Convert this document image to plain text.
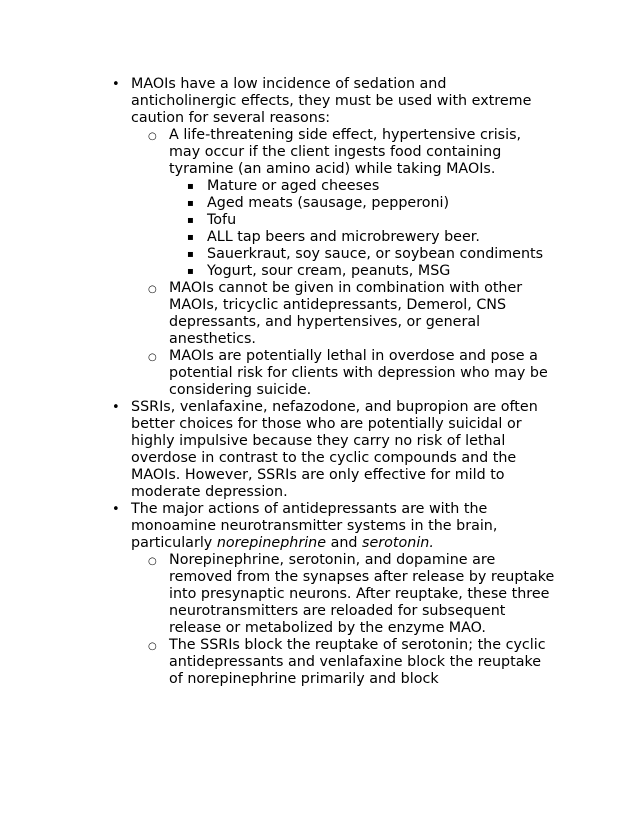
• MAOIs have a low incidence of sedation and anticholinergic effects, they must be used with extreme caution for several reasons:
○ A life-threatening side effect, hypertensive crisis, may occur if the client ingests food containing tyramine (an amino acid) while taking MAOIs.
▪ Mature or aged cheeses
▪ Aged meats (sausage, pepperoni)
▪ Tofu
▪ ALL tap beers and microbrewery beer.
▪ Sauerkraut, soy sauce, or soybean condiments
▪ Yogurt, sour cream, peanuts, MSG
○ MAOIs cannot be given in combination with other MAOIs, tricyclic antidepressants, Demerol, CNS depressants, and hypertensives, or general anesthetics.
○ MAOIs are potentially lethal in overdose and pose a potential risk for clients with depression who may be considering suicide.
• SSRIs, venlafaxine, nefazodone, and bupropion are often better choices for those who are potentially suicidal or highly impulsive because they carry no risk of lethal overdose in contrast to the cyclic compounds and the MAOIs. However, SSRIs are only effective for mild to moderate depression.
• The major actions of antidepressants are with the monoamine neurotransmitter systems in the brain, particularly norepinephrine and serotonin.
○ Norepinephrine, serotonin, and dopamine are removed from the synapses after release by reuptake into presynaptic neurons. After reuptake, these three neurotransmitters are reloaded for subsequent release or metabolized by the enzyme MAO.
○ The SSRIs block the reuptake of serotonin; the cyclic antidepressants and venlafaxine block the reuptake of norepinephrine primarily and block
